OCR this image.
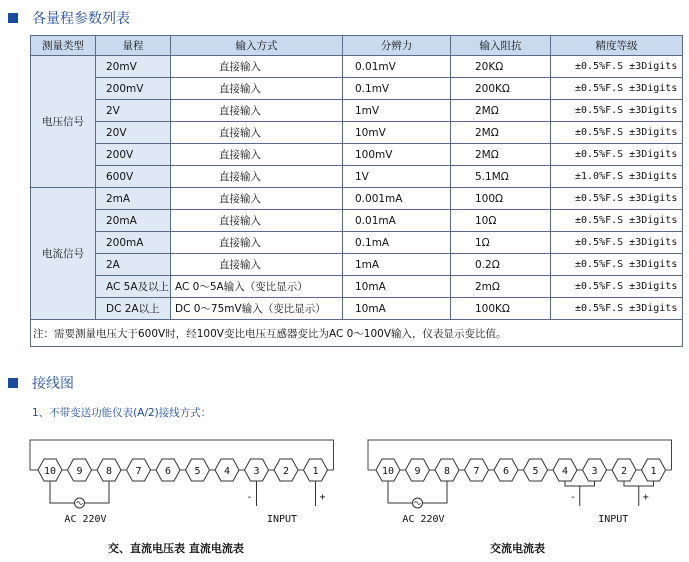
各量程参数列表
测量类型	量程	输入方式	分辨力	输入阻抗	精度等级
电压信号	20mV	直接输入	0.01mV	20KΩ	±0.5%F.S ±3Digits
	200mV	直接输入	0.1mV	200KΩ	±0.5%F.S ±3Digits
	2V	直接输入	1mV	2MΩ	±0.5%F.S ±3Digits
	20V	直接输入	10mV	2MΩ	±0.5%F.S ±3Digits
	200V	直接输入	100mV	2MΩ	±0.5%F.S ±3Digits
	600V	直接输入	1V	5.1MΩ	±1.0%F.S ±3Digits
电流信号	2mA	直接输入	0.001mA	100Ω	±0.5%F.S ±3Digits
	20mA	直接输入	0.01mA	10Ω	±0.5%F.S ±3Digits
	200mA	直接输入	0.1mA	1Ω	±0.5%F.S ±3Digits
	2A	直接输入	1mA	0.2Ω	±0.5%F.S ±3Digits
	AC 5A及以上	AC 0～5A输入（变比显示）	10mA	2mΩ	±0.5%F.S ±3Digits
	DC 2A以上	DC 0～75mV输入（变比显示）	10mA	100KΩ	±0.5%F.S ±3Digits
注：需要测量电压大于600V时，经100V变比电压互感器变比为AC 0～100V输入，仪表显示变比值。					
接线图
1、不带变送功能仪表(A/2)接线方式：
10 9 8 7 6 5 4 3 2 1
AC 220V
-	+
INPUT
10 9 8 7 6 5 4 3 2 1
AC 220V
-	+
INPUT
交、直流电压表 直流电流表	交流电流表
